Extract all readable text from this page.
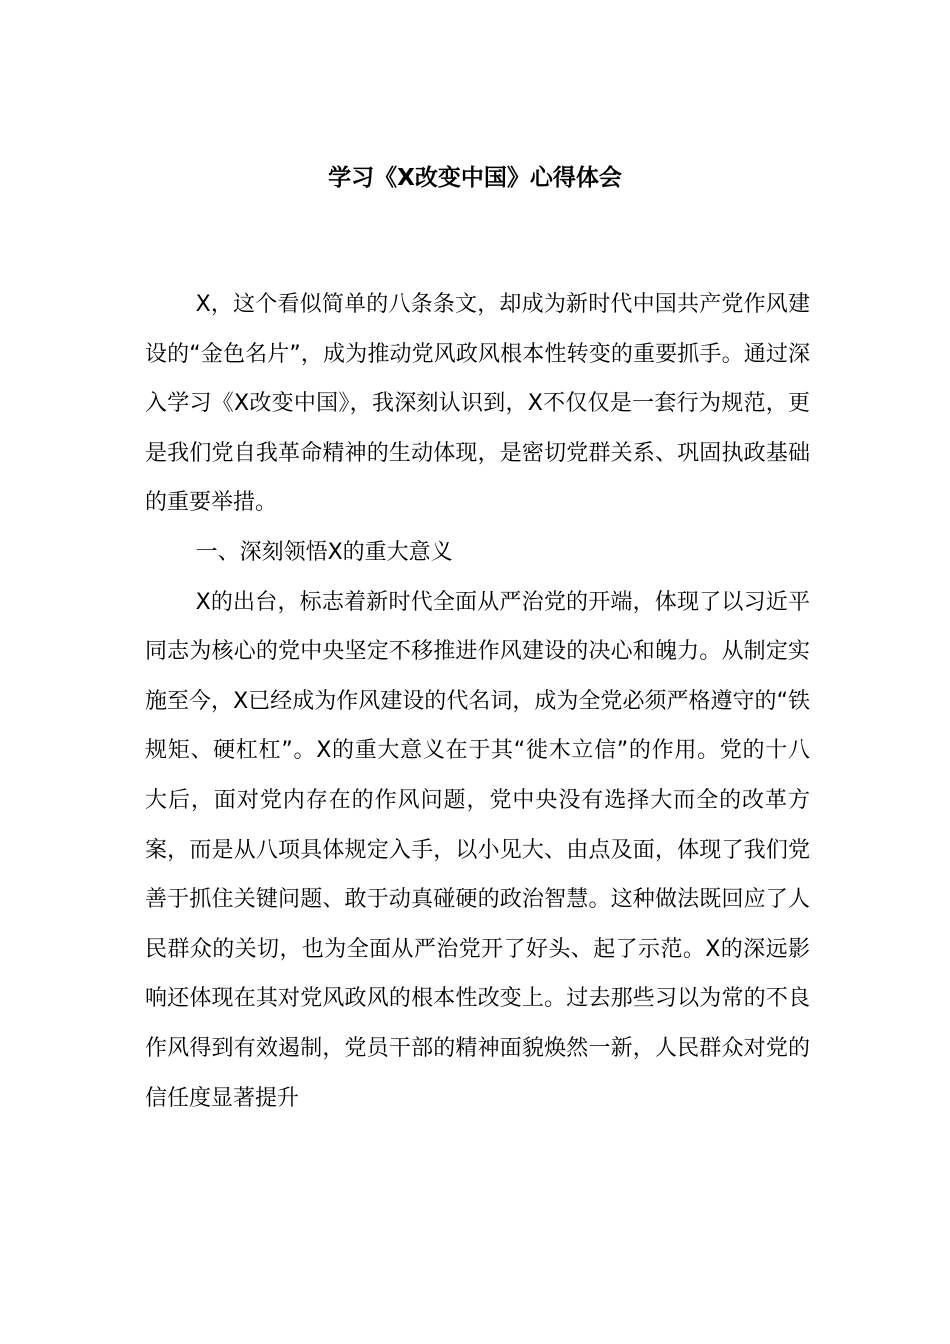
学习《X改变中国》心得体会

X，这个看似简单的八条条文，却成为新时代中国共产党作风建设的“金色名片”，成为推动党风政风根本性转变的重要抓手。通过深入学习《X改变中国》，我深刻认识到，X不仅仅是一套行为规范，更是我们党自我革命精神的生动体现，是密切党群关系、巩固执政基础的重要举措。

一、深刻领悟X的重大意义

X的出台，标志着新时代全面从严治党的开端，体现了以习近平同志为核心的党中央坚定不移推进作风建设的决心和魄力。从制定实施至今，X已经成为作风建设的代名词，成为全党必须严格遵守的“铁规矩、硬杠杠”。X的重大意义在于其“徙木立信”的作用。党的十八大后，面对党内存在的作风问题，党中央没有选择大而全的改革方案，而是从八项具体规定入手，以小见大、由点及面，体现了我们党善于抓住关键问题、敢于动真碰硬的政治智慧。这种做法既回应了人民群众的关切，也为全面从严治党开了好头、起了示范。X的深远影响还体现在其对党风政风的根本性改变上。过去那些习以为常的不良作风得到有效遏制，党员干部的精神面貌焕然一新，人民群众对党的信任度显著提升
